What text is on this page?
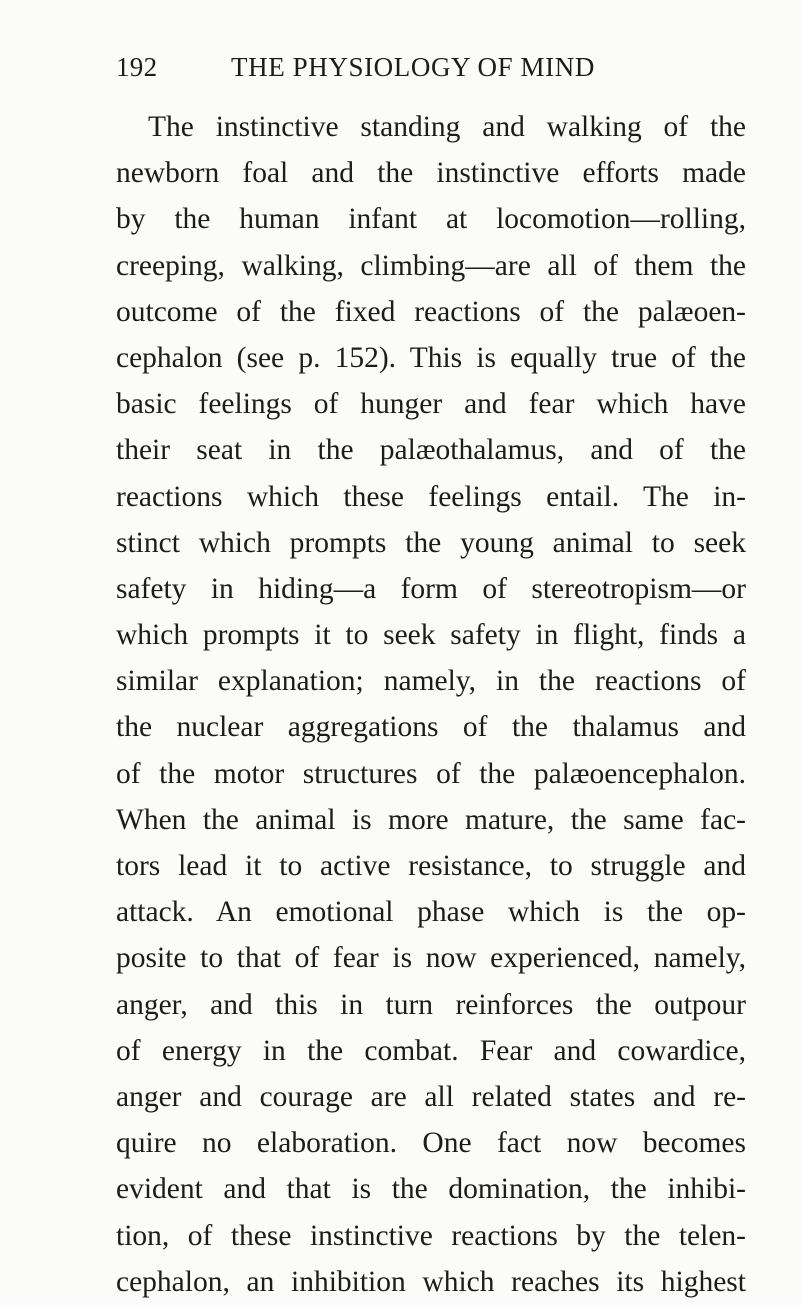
192	THE PHYSIOLOGY OF MIND
The instinctive standing and walking of the
newborn foal and the instinctive efforts made
by the human infant at locomotion—rolling,
creeping, walking, climbing—are all of them the
outcome of the fixed reactions of the palæoen-
cephalon (see p. 152). This is equally true of the
basic feelings of hunger and fear which have
their seat in the palæothalamus, and of the
reactions which these feelings entail. The in-
stinct which prompts the young animal to seek
safety in hiding—a form of stereotropism—or
which prompts it to seek safety in flight, finds a
similar explanation; namely, in the reactions of
the nuclear aggregations of the thalamus and
of the motor structures of the palæoencephalon.
When the animal is more mature, the same fac-
tors lead it to active resistance, to struggle and
attack. An emotional phase which is the op-
posite to that of fear is now experienced, namely,
anger, and this in turn reinforces the outpour
of energy in the combat. Fear and cowardice,
anger and courage are all related states and re-
quire no elaboration. One fact now becomes
evident and that is the domination, the inhibi-
tion, of these instinctive reactions by the telen-
cephalon, an inhibition which reaches its highest
